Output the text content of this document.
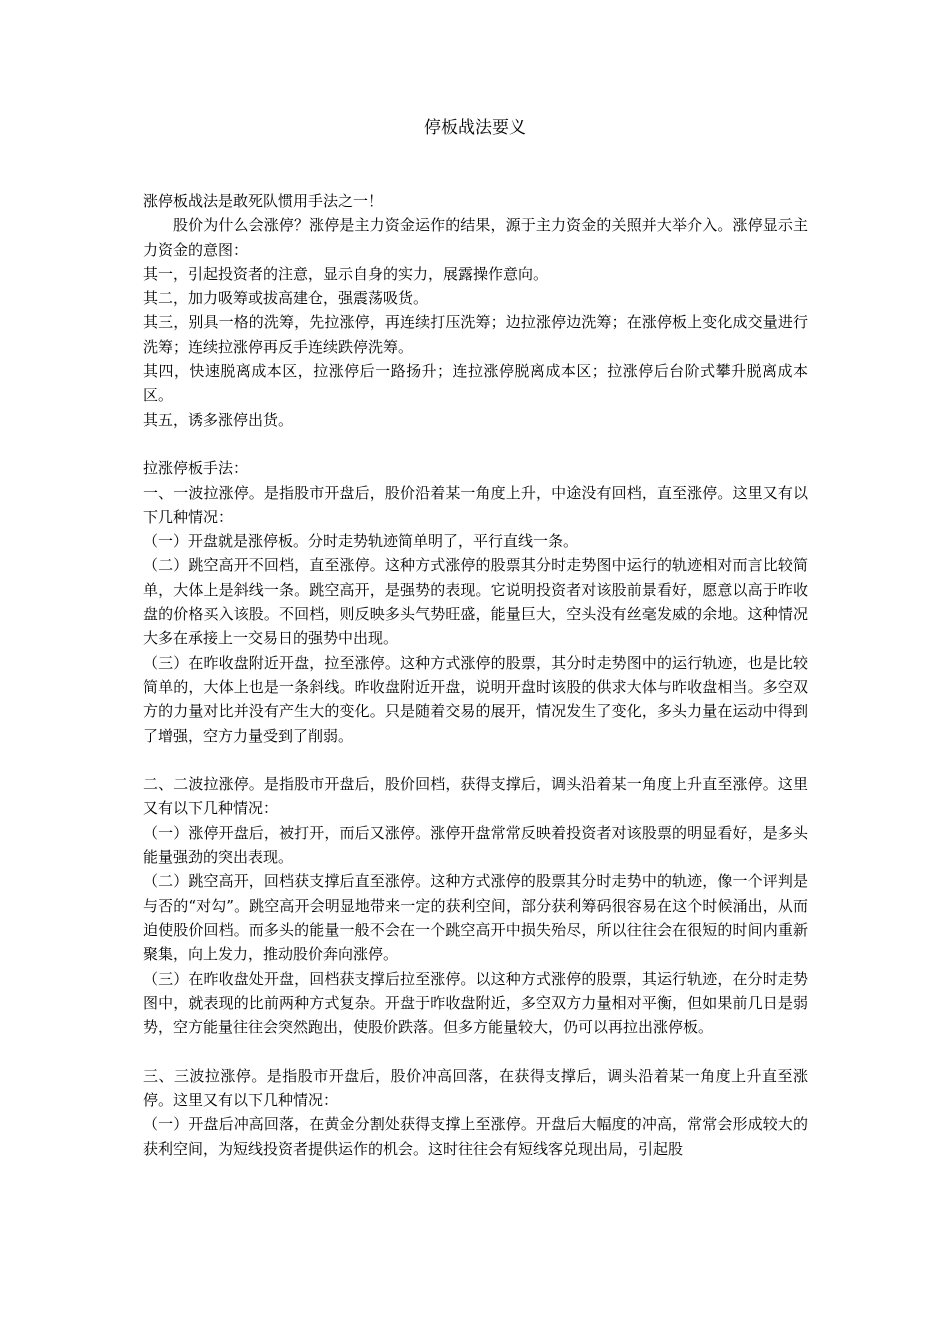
停板战法要义

涨停板战法是敢死队惯用手法之一！

股价为什么会涨停？涨停是主力资金运作的结果，源于主力资金的关照并大举介入。涨停显示主力资金的意图：

其一，引起投资者的注意，显示自身的实力，展露操作意向。

其二，加力吸筹或拔高建仓，强震荡吸货。

其三，别具一格的洗筹，先拉涨停，再连续打压洗筹；边拉涨停边洗筹；在涨停板上变化成交量进行洗筹；连续拉涨停再反手连续跌停洗筹。

其四，快速脱离成本区，拉涨停后一路扬升；连拉涨停脱离成本区；拉涨停后台阶式攀升脱离成本区。

其五，诱多涨停出货。

拉涨停板手法：

一、一波拉涨停。是指股市开盘后，股价沿着某一角度上升，中途没有回档，直至涨停。这里又有以下几种情况：

（一）开盘就是涨停板。分时走势轨迹简单明了，平行直线一条。

（二）跳空高开不回档，直至涨停。这种方式涨停的股票其分时走势图中运行的轨迹相对而言比较简单，大体上是斜线一条。跳空高开，是强势的表现。它说明投资者对该股前景看好，愿意以高于昨收盘的价格买入该股。不回档，则反映多头气势旺盛，能量巨大，空头没有丝毫发威的余地。这种情况大多在承接上一交易日的强势中出现。

（三）在昨收盘附近开盘，拉至涨停。这种方式涨停的股票，其分时走势图中的运行轨迹，也是比较简单的，大体上也是一条斜线。昨收盘附近开盘，说明开盘时该股的供求大体与昨收盘相当。多空双方的力量对比并没有产生大的变化。只是随着交易的展开，情况发生了变化，多头力量在运动中得到了增强，空方力量受到了削弱。

二、二波拉涨停。是指股市开盘后，股价回档，获得支撑后，调头沿着某一角度上升直至涨停。这里又有以下几种情况：

（一）涨停开盘后，被打开，而后又涨停。涨停开盘常常反映着投资者对该股票的明显看好，是多头能量强劲的突出表现。

（二）跳空高开，回档获支撑后直至涨停。这种方式涨停的股票其分时走势中的轨迹，像一个评判是与否的“对勾”。跳空高开会明显地带来一定的获利空间，部分获利筹码很容易在这个时候涌出，从而迫使股价回档。而多头的能量一般不会在一个跳空高开中损失殆尽，所以往往会在很短的时间内重新聚集，向上发力，推动股价奔向涨停。

（三）在昨收盘处开盘，回档获支撑后拉至涨停。以这种方式涨停的股票，其运行轨迹，在分时走势图中，就表现的比前两种方式复杂。开盘于昨收盘附近，多空双方力量相对平衡，但如果前几日是弱势，空方能量往往会突然跑出，使股价跌落。但多方能量较大，仍可以再拉出涨停板。

三、三波拉涨停。是指股市开盘后，股价冲高回落，在获得支撑后，调头沿着某一角度上升直至涨停。这里又有以下几种情况：

（一）开盘后冲高回落，在黄金分割处获得支撑上至涨停。开盘后大幅度的冲高，常常会形成较大的获利空间，为短线投资者提供运作的机会。这时往往会有短线客兑现出局，引起股
